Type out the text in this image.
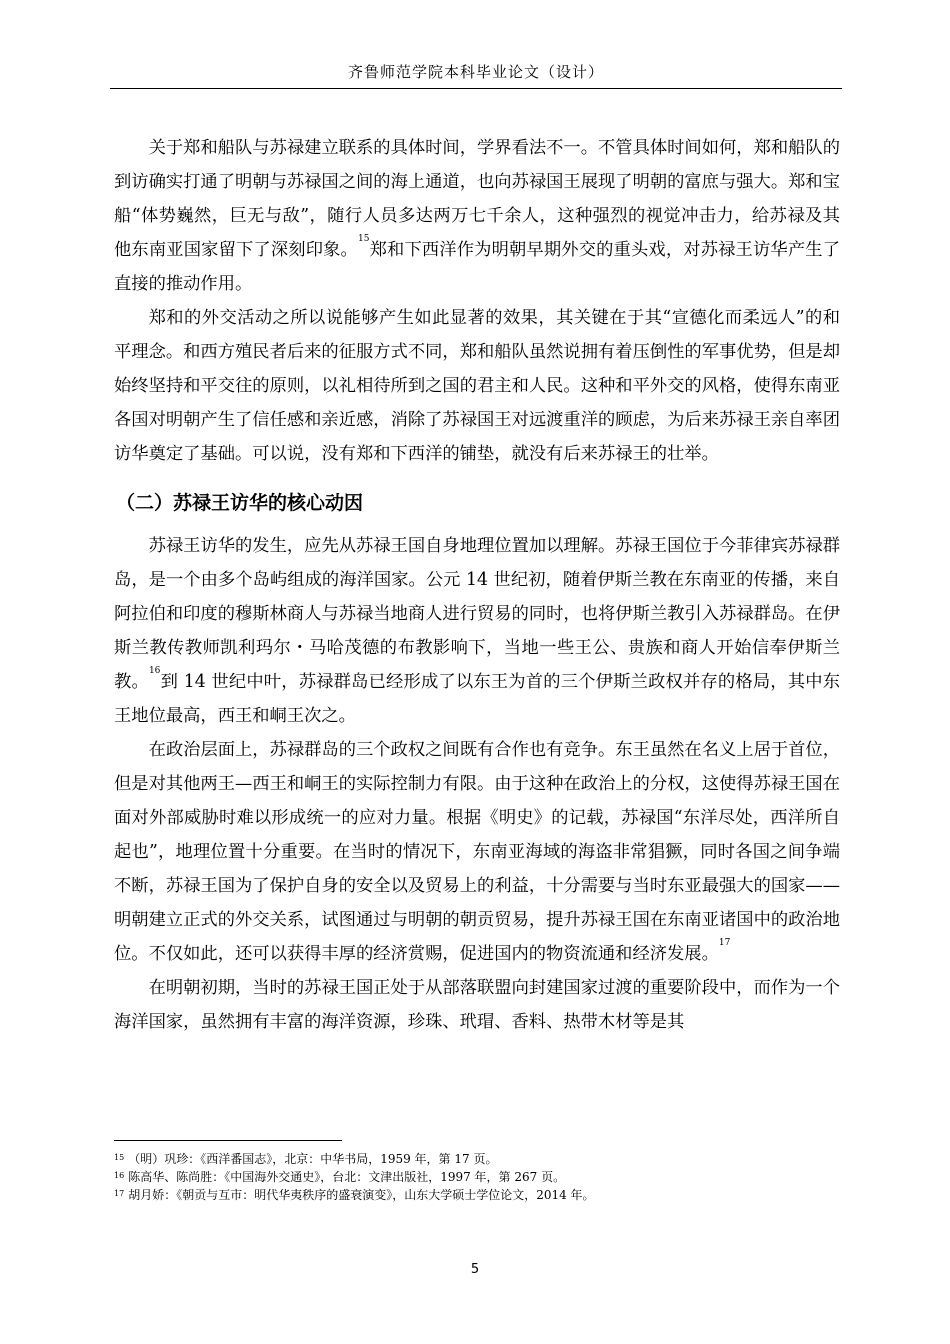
齐鲁师范学院本科毕业论文（设计）

关于郑和船队与苏禄建立联系的具体时间，学界看法不一。不管具体时间如何，郑和船队的到访确实打通了明朝与苏禄国之间的海上通道，也向苏禄国王展现了明朝的富庶与强大。郑和宝船“体势巍然，巨无与敌”，随行人员多达两万七千余人，这种强烈的视觉冲击力，给苏禄及其他东南亚国家留下了深刻印象。$^{15}$郑和下西洋作为明朝早期外交的重头戏，对苏禄王访华产生了直接的推动作用。

郑和的外交活动之所以说能够产生如此显著的效果，其关键在于其“宣德化而柔远人”的和平理念。和西方殖民者后来的征服方式不同，郑和船队虽然说拥有着压倒性的军事优势，但是却始终坚持和平交往的原则，以礼相待所到之国的君主和人民。这种和平外交的风格，使得东南亚各国对明朝产生了信任感和亲近感，消除了苏禄国王对远渡重洋的顾虑，为后来苏禄王亲自率团访华奠定了基础。可以说，没有郑和下西洋的铺垫，就没有后来苏禄王的壮举。

（二）苏禄王访华的核心动因

苏禄王访华的发生，应先从苏禄王国自身地理位置加以理解。苏禄王国位于今菲律宾苏禄群岛，是一个由多个岛屿组成的海洋国家。公元 14 世纪初，随着伊斯兰教在东南亚的传播，来自阿拉伯和印度的穆斯林商人与苏禄当地商人进行贸易的同时，也将伊斯兰教引入苏禄群岛。在伊斯兰教传教师凯利玛尔・马哈茂德的布教影响下，当地一些王公、贵族和商人开始信奉伊斯兰教。$^{16}$到 14 世纪中叶，苏禄群岛已经形成了以东王为首的三个伊斯兰政权并存的格局，其中东王地位最高，西王和峒王次之。

在政治层面上，苏禄群岛的三个政权之间既有合作也有竞争。东王虽然在名义上居于首位，但是对其他两王—西王和峒王的实际控制力有限。由于这种在政治上的分权，这使得苏禄王国在面对外部威胁时难以形成统一的应对力量。根据《明史》的记载，苏禄国“东洋尽处，西洋所自起也”，地理位置十分重要。在当时的情况下，东南亚海域的海盗非常猖獗，同时各国之间争端不断，苏禄王国为了保护自身的安全以及贸易上的利益，十分需要与当时东亚最强大的国家——明朝建立正式的外交关系，试图通过与明朝的朝贡贸易，提升苏禄王国在东南亚诸国中的政治地位。不仅如此，还可以获得丰厚的经济赏赐，促进国内的物资流通和经济发展。$^{17}$

在明朝初期，当时的苏禄王国正处于从部落联盟向封建国家过渡的重要阶段中，而作为一个海洋国家，虽然拥有丰富的海洋资源，珍珠、玳瑁、香料、热带木材等是其

$^{15}$ （明）巩珍：《西洋番国志》，北京：中华书局，1959 年，第 17 页。
$^{16}$ 陈高华、陈尚胜：《中国海外交通史》，台北：文津出版社，1997 年，第 267 页。
$^{17}$ 胡月娇：《朝贡与互市：明代华夷秩序的盛衰演变》，山东大学硕士学位论文，2014 年。
5
